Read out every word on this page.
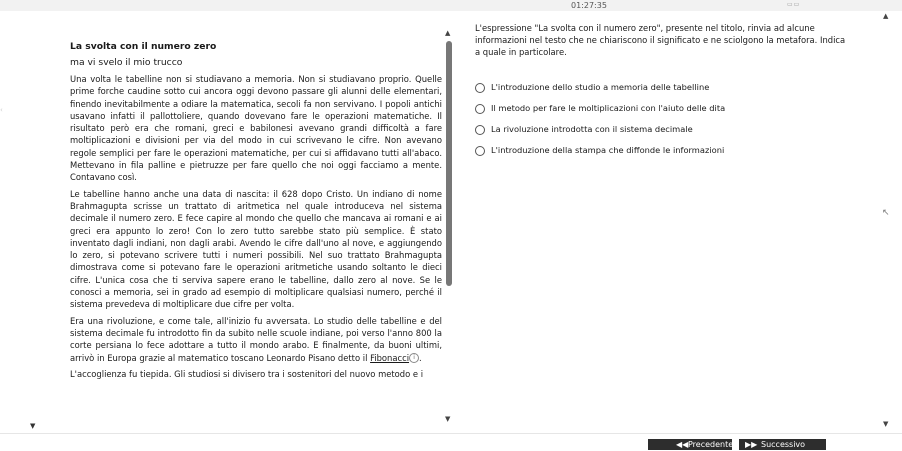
01:27:35	▭ ▭
‹

La svolta con il numero zero

ma vi svelo il mio trucco

Una volta le tabelline non si studiavano a memoria. Non si studiavano proprio. Quelle prime forche caudine sotto cui ancora oggi devono passare gli alunni delle elementari, finendo inevitabilmente a odiare la matematica, secoli fa non servivano. I popoli antichi usavano infatti il pallottoliere, quando dovevano fare le operazioni matematiche. Il risultato però era che romani, greci e babilonesi avevano grandi difficoltà a fare moltiplicazioni e divisioni per via del modo in cui scrivevano le cifre. Non avevano regole semplici per fare le operazioni matematiche, per cui si affidavano tutti all'abaco. Mettevano in fila palline e pietruzze per fare quello che noi oggi facciamo a mente. Contavano così.

Le tabelline hanno anche una data di nascita: il 628 dopo Cristo. Un indiano di nome Brahmagupta scrisse un trattato di aritmetica nel quale introduceva nel sistema decimale il numero zero. E fece capire al mondo che quello che mancava ai romani e ai greci era appunto lo zero! Con lo zero tutto sarebbe stato più semplice. È stato inventato dagli indiani, non dagli arabi. Avendo le cifre dall'uno al nove, e aggiungendo lo zero, si potevano scrivere tutti i numeri possibili. Nel suo trattato Brahmagupta dimostrava come si potevano fare le operazioni aritmetiche usando soltanto le dieci cifre. L'unica cosa che ti serviva sapere erano le tabelline, dallo zero al nove. Se le conosci a memoria, sei in grado ad esempio di moltiplicare qualsiasi numero, perché il sistema prevedeva di moltiplicare due cifre per volta.

Era una rivoluzione, e come tale, all'inizio fu avversata. Lo studio delle tabelline e del sistema decimale fu introdotto fin da subito nelle scuole indiane, poi verso l'anno 800 la corte persiana lo fece adottare a tutto il mondo arabo. E finalmente, da buoni ultimi, arrivò in Europa grazie al matematico toscano Leonardo Pisano detto il Fibonacci i .

L'accoglienza fu tiepida. Gli studiosi si divisero tra i sostenitori del nuovo metodo e i

▲
▼
L'espressione "La svolta con il numero zero", presente nel titolo, rinvia ad alcune informazioni nel testo che ne chiariscono il significato e ne sciolgono la metafora. Indica a quale in particolare.
L'introduzione dello studio a memoria delle tabelline
Il metodo per fare le moltiplicazioni con l'aiuto delle dita
La rivoluzione introdotta con il sistema decimale
L'introduzione della stampa che diffonde le informazioni
▲
▼
▼
↖
◀◀ Precedente ▶▶ Successivo
